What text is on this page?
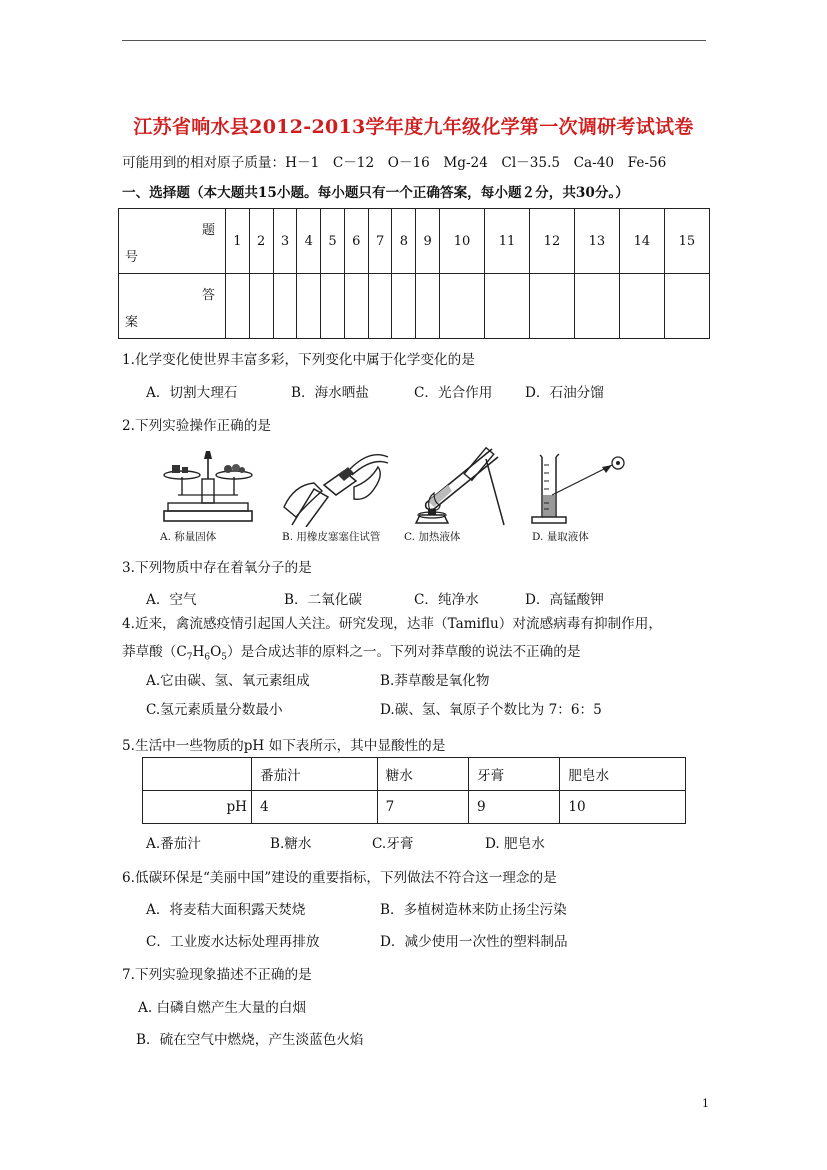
江苏省响水县2012-2013学年度九年级化学第一次调研考试试卷
可能用到的相对原子质量：H－1　C－12　O－16　Mg-24　Cl－35.5　Ca-40　Fe-56
一、选择题（本大题共15小题。每小题只有一个正确答案，每小题２分，共30分。）
题
号	1	2	3	4	5	6	7	8	9	10	11	12	13	14	15

答
案															

1.化学变化使世界丰富多彩，下列变化中属于化学变化的是
A．切割大理石	B．海水晒盐	C．光合作用 D．石油分馏
2.下列实验操作正确的是
A. 称量固体	B. 用橡皮塞塞住试管 C. 加热液体	D. 量取液体
3.下列物质中存在着氧分子的是
A．空气	B．二氧化碳	C．纯净水	D．高锰酸钾
4.近来，禽流感疫情引起国人关注。研究发现，达菲（Tamiflu）对流感病毒有抑制作用，
莽草酸$(C_7H_6O_5)$是合成达菲的原料之一。下列对莽草酸的说法不正确的是
A.它由碳、氢、氧元素组成	B.莽草酸是氧化物
C.氢元素质量分数最小	D.碳、氢、氧原子个数比为 7：6：5
5.生活中一些物质的pH 如下表所示，其中显酸性的是
	番茄汁	糖水	牙膏	肥皂水
pH	4	7	9	10
A.番茄汁	B.糖水	C.牙膏	D. 肥皂水
6.低碳环保是“美丽中国”建设的重要指标，下列做法不符合这一理念的是
A．将麦秸大面积露天焚烧	B．多植树造林来防止扬尘污染
C．工业废水达标处理再排放	D．减少使用一次性的塑料制品
7.下列实验现象描述不正确的是
A. 白磷自燃产生大量的白烟
B．硫在空气中燃烧，产生淡蓝色火焰
1
